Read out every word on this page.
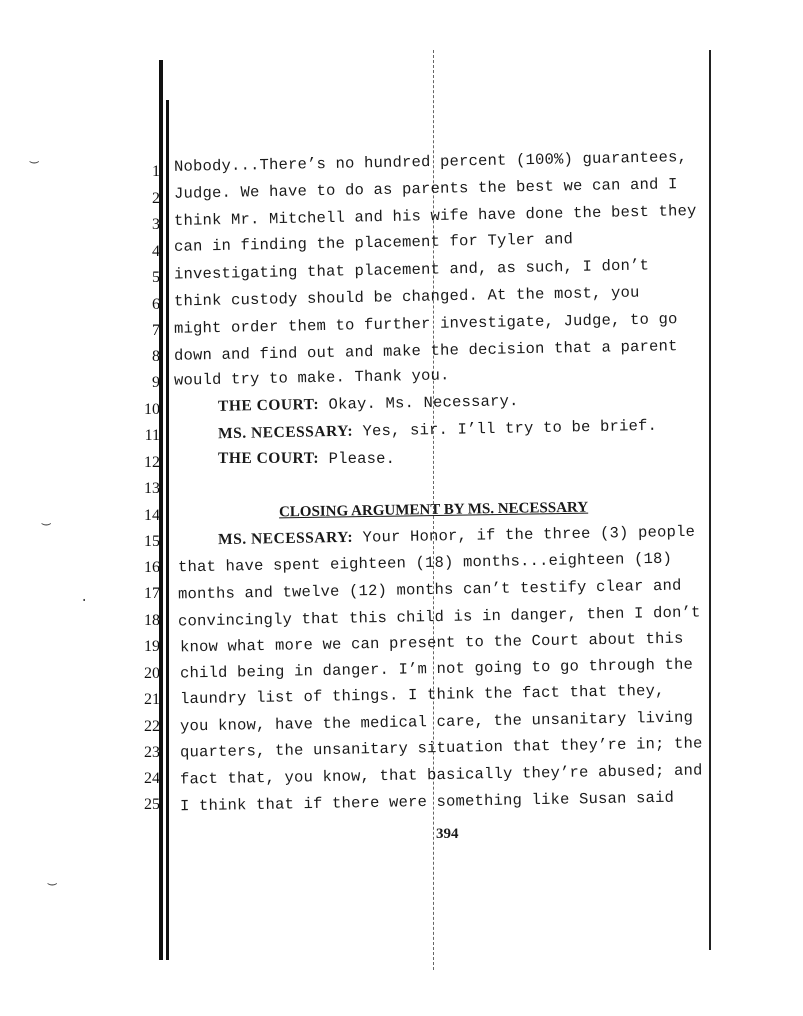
‿
‿
·
‿
1
2
3
4
5
6
7
8
9
10
11
12
13
14
15
16
17
18
19
20
21
22
23
24
25
Nobody...There’s no hundred percent (100%) guarantees,
Judge. We have to do as parents the best we can and I
think Mr. Mitchell and his wife have done the best they
can in finding the placement for Tyler and
investigating that placement and, as such, I don’t
think custody should be changed. At the most, you
might order them to further investigate, Judge, to go
down and find out and make the decision that a parent
would try to make. Thank you.
THE COURT: Okay. Ms. Necessary.
MS. NECESSARY: Yes, sir. I’ll try to be brief.
THE COURT: Please.
CLOSING ARGUMENT BY MS. NECESSARY
MS. NECESSARY: Your Honor, if the three (3) people
that have spent eighteen (18) months...eighteen (18)
months and twelve (12) months can’t testify clear and
convincingly that this child is in danger, then I don’t
know what more we can present to the Court about this
child being in danger. I’m not going to go through the
laundry list of things. I think the fact that they,
you know, have the medical care, the unsanitary living
quarters, the unsanitary situation that they’re in; the
fact that, you know, that basically they’re abused; and
I think that if there were something like Susan said
394
